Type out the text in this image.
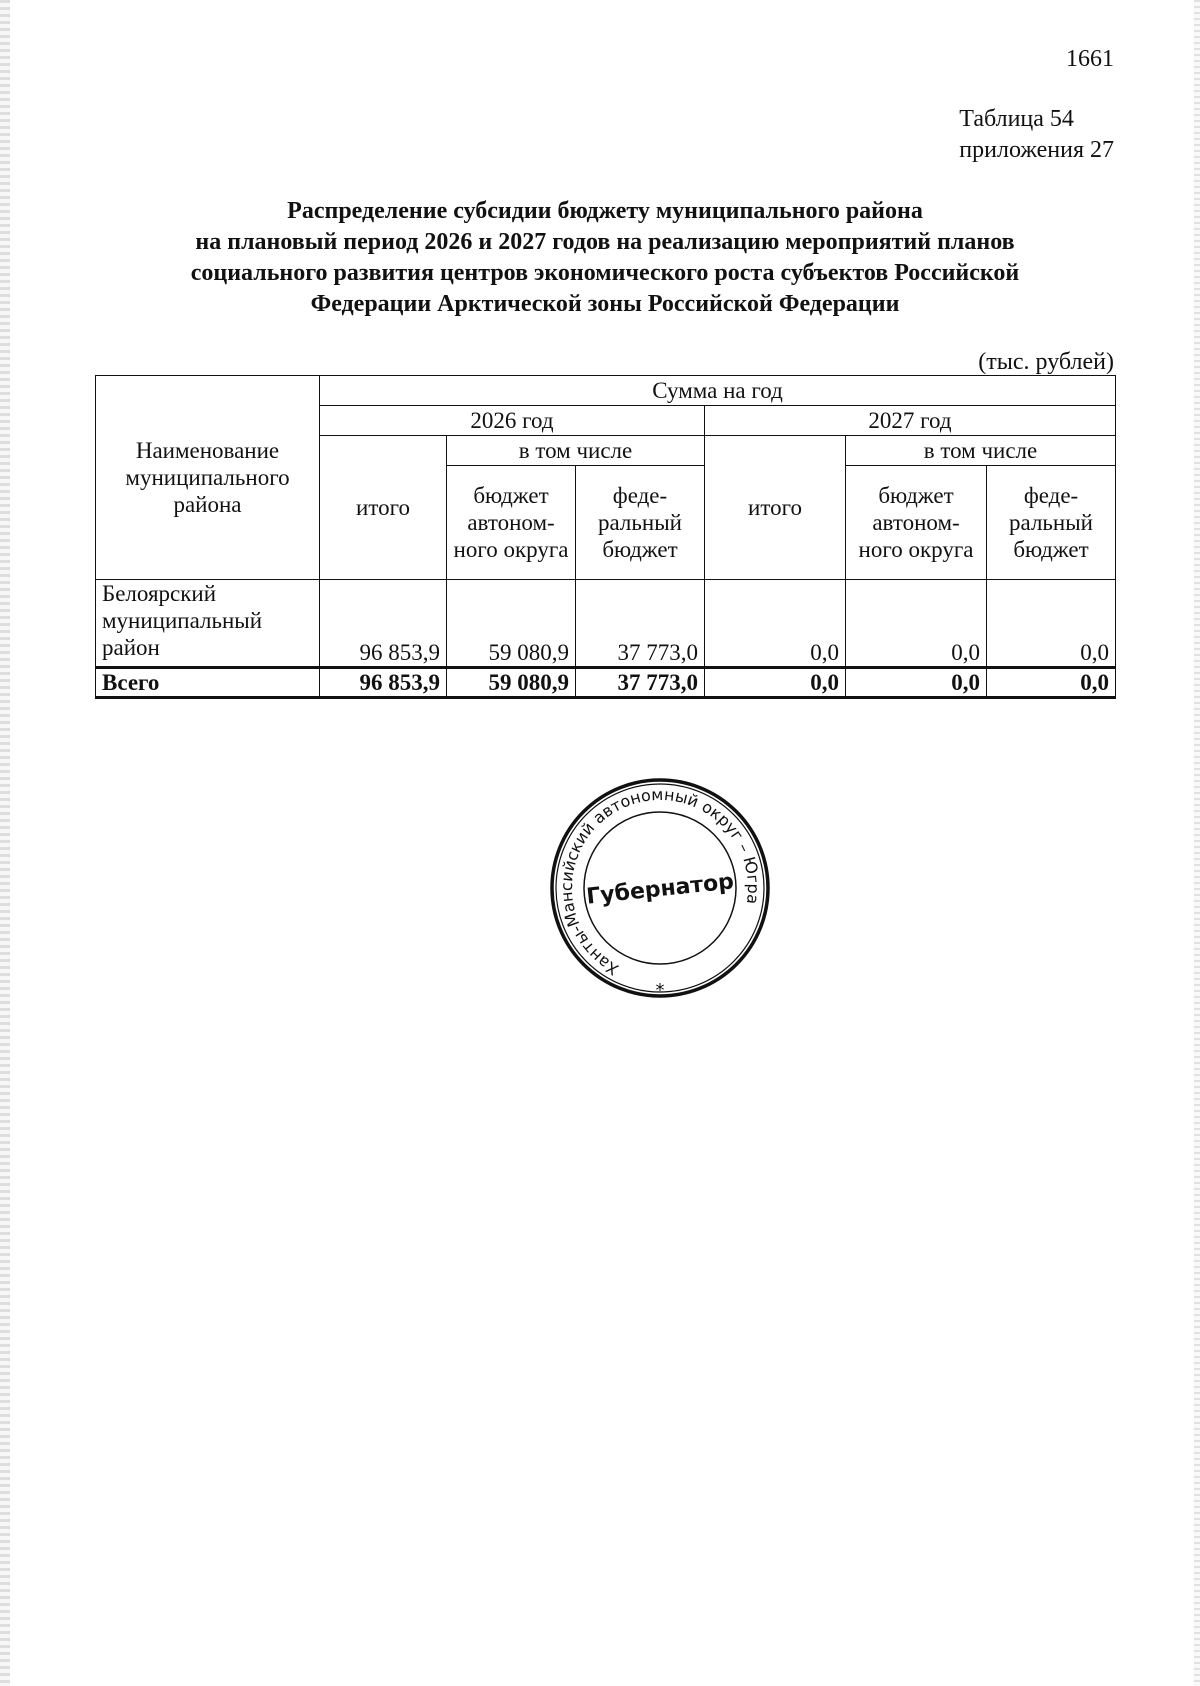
1661
Таблица 54
приложения 27
Распределение субсидии бюджету муниципального района
на плановый период 2026 и 2027 годов на реализацию мероприятий планов
социального развития центров экономического роста субъектов Российской
Федерации Арктической зоны Российской Федерации
(тыс. рублей)
Наименование муниципального района	Сумма на год					
	2026 год			2027 год		
	итого	в том числе		итого	в том числе	
		бюджет автоном-ного округа	феде-ральный бюджет		бюджет автоном-ного округа	феде-ральный бюджет
Белоярский муниципальный район	96 853,9	59 080,9	37 773,0	0,0	0,0	0,0
Всего	96 853,9	59 080,9	37 773,0	0,0	0,0	0,0
Ханты-Мансийский автономный округ – Югра
Губернатор
*
